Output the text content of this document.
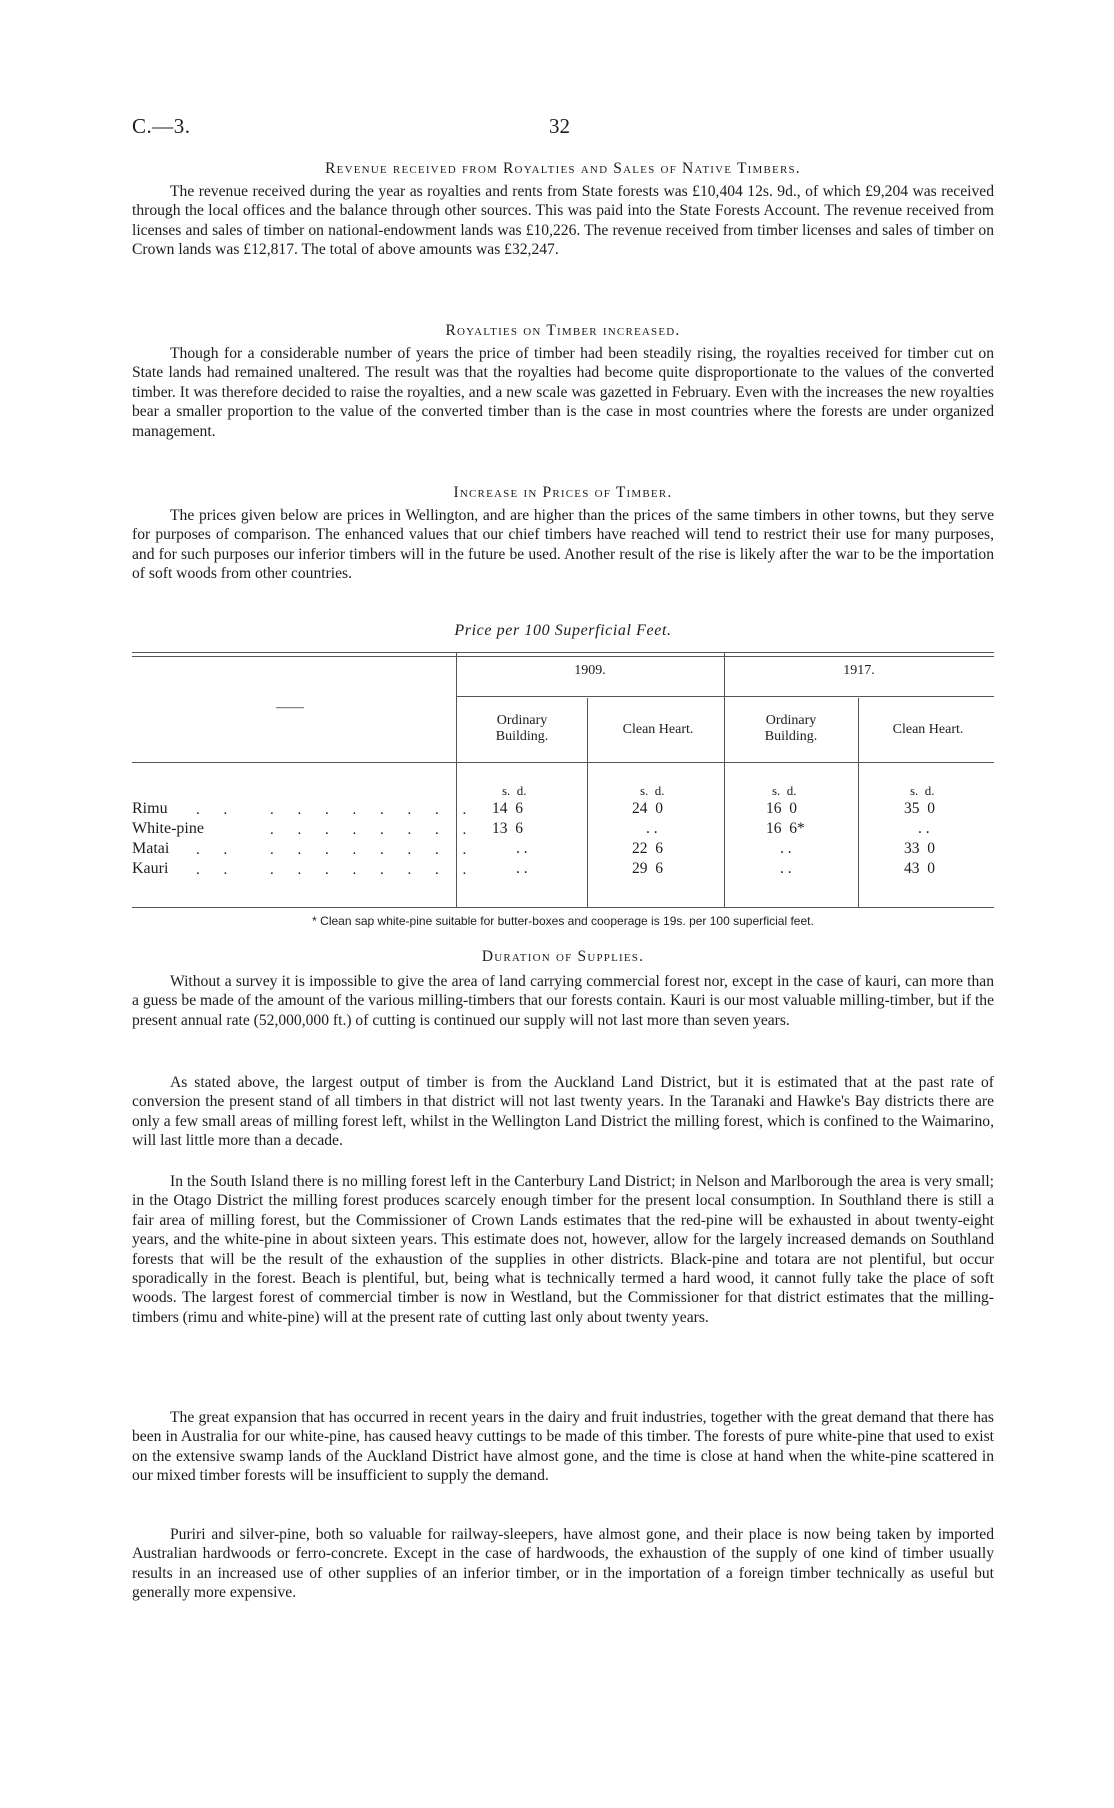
C.—3.	32
Revenue received from Royalties and Sales of Native Timbers.

The revenue received during the year as royalties and rents from State forests was £10,404 12s. 9d., of which £9,204 was received through the local offices and the balance through other sources. This was paid into the State Forests Account. The revenue received from licenses and sales of timber on national-endowment lands was £10,226. The revenue received from timber licenses and sales of timber on Crown lands was £12,817. The total of above amounts was £32,247.

Royalties on Timber increased.

Though for a considerable number of years the price of timber had been steadily rising, the royalties received for timber cut on State lands had remained unaltered. The result was that the royalties had become quite disproportionate to the values of the converted timber. It was therefore decided to raise the royalties, and a new scale was gazetted in February. Even with the increases the new royalties bear a smaller proportion to the value of the converted timber than is the case in most countries where the forests are under organized management.

Increase in Prices of Timber.

The prices given below are prices in Wellington, and are higher than the prices of the same timbers in other towns, but they serve for purposes of comparison. The enhanced values that our chief timbers have reached will tend to restrict their use for many purposes, and for such purposes our inferior timbers will in the future be used. Another result of the rise is likely after the war to be the importation of soft woods from other countries.

Price per 100 Superficial Feet.
1909.	1917.
——
Ordinary Building.	Clean Heart.
Ordinary Building.	Clean Heart.
s.  d.	s.  d.	s.  d.	s.  d.
Rimu . . . . . . . . . . 14  6	24  0	16  0	35  0
White-pine	. . . . . . . . 13  6	. .	16  6*	. .
Matai . . . . . . . . . .	. .	22  6	. .	33  0
Kauri . . . . . . . . . .	. .	29  6	. .	43  0
* Clean sap white-pine suitable for butter-boxes and cooperage is 19s. per 100 superficial feet.
Duration of Supplies.

Without a survey it is impossible to give the area of land carrying commercial forest nor, except in the case of kauri, can more than a guess be made of the amount of the various milling-timbers that our forests contain. Kauri is our most valuable milling-timber, but if the present annual rate (52,000,000 ft.) of cutting is continued our supply will not last more than seven years.

As stated above, the largest output of timber is from the Auckland Land District, but it is estimated that at the past rate of conversion the present stand of all timbers in that district will not last twenty years. In the Taranaki and Hawke's Bay districts there are only a few small areas of milling forest left, whilst in the Wellington Land District the milling forest, which is confined to the Waimarino, will last little more than a decade.

In the South Island there is no milling forest left in the Canterbury Land District; in Nelson and Marlborough the area is very small; in the Otago District the milling forest produces scarcely enough timber for the present local consumption. In Southland there is still a fair area of milling forest, but the Commissioner of Crown Lands estimates that the red-pine will be exhausted in about twenty-eight years, and the white-pine in about sixteen years. This estimate does not, however, allow for the largely increased demands on Southland forests that will be the result of the exhaustion of the supplies in other districts. Black-pine and totara are not plentiful, but occur sporadically in the forest. Beach is plentiful, but, being what is technically termed a hard wood, it cannot fully take the place of soft woods. The largest forest of commercial timber is now in Westland, but the Commissioner for that district estimates that the milling-timbers (rimu and white-pine) will at the present rate of cutting last only about twenty years.

The great expansion that has occurred in recent years in the dairy and fruit industries, together with the great demand that there has been in Australia for our white-pine, has caused heavy cuttings to be made of this timber. The forests of pure white-pine that used to exist on the extensive swamp lands of the Auckland District have almost gone, and the time is close at hand when the white-pine scattered in our mixed timber forests will be insufficient to supply the demand.

Puriri and silver-pine, both so valuable for railway-sleepers, have almost gone, and their place is now being taken by imported Australian hardwoods or ferro-concrete. Except in the case of hardwoods, the exhaustion of the supply of one kind of timber usually results in an increased use of other supplies of an inferior timber, or in the importation of a foreign timber technically as useful but generally more expensive.
